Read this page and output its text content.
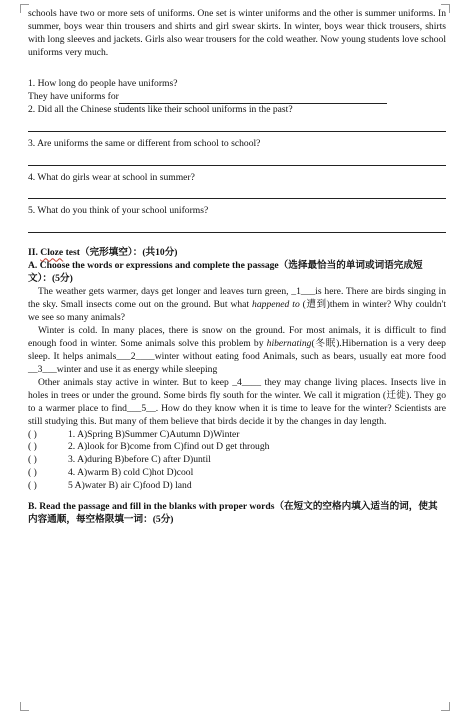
schools have two or more sets of uniforms. One set is winter uniforms and the other is summer uniforms. In summer, boys wear thin trousers and shirts and girl swear skirts. In winter, boys wear thick trousers, shirts with long sleeves and jackets. Girls also wear trousers for the cold weather. Now young students love school uniforms very much.

1. How long do people have uniforms?

They have uniforms for

2. Did all the Chinese students like their school uniforms in the past?

3. Are uniforms the same or different from school to school?

4. What do girls wear at school in summer?

5. What do you think of your school uniforms?

II. Cloze test（完形填空）：(共10分)

A. Choose the words or expressions and complete the passage（选择最恰当的单词或词语完成短文）：(5分)

The weather gets warmer, days get longer and leaves turn green, _1___is here. There are birds singing in the sky. Small insects come out on the ground. But what happened to (遭到)them in winter? Why couldn't we see so many animals?

Winter is cold. In many places, there is snow on the ground. For most animals, it is difficult to find enough food in winter. Some animals solve this problem by hibernating(冬眠).Hibernation is a very deep sleep. It helps animals___2____winter without eating food Animals, such as bears, usually eat more food __3___winter and use it as energy while sleeping

Other animals stay active in winter. But to keep _4____ they may change living places. Insects live in holes in trees or under the ground. Some birds fly south for the winter. We call it migration (迁徙). They go to a warmer place to find___5__. How do they know when it is time to leave for the winter? Scientists are still studying this. But many of them believe that birds decide it by the changes in day length.

( )	1. A)Spring B)Summer C)Autumn D)Winter

( )	2. A)look for B)come from C)find out D get through

( )	3. A)during B)before C) after D)until

( )	4. A)warm B) cold C)hot D)cool

( )	5 A)water B) air C)food D) land

B. Read the passage and fill in the blanks with proper words（在短文的空格内填入适当的词，使其内容通顺，每空格限填一词：(5分)
